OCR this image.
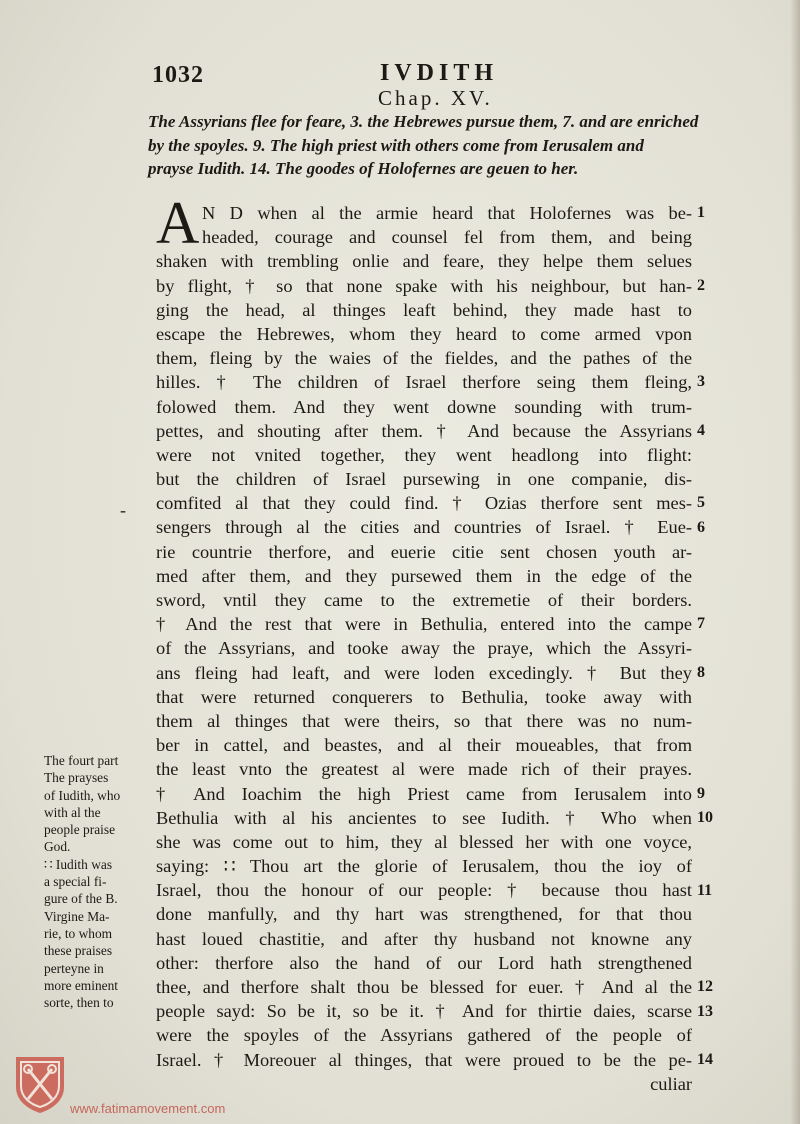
1032	IVDITH
Chap. XV.
The Assyrians flee for feare, 3. the Hebrewes pursue them, 7. and are enriched
by the spoyles. 9. The high priest with others come from Ierusalem and
prayse Iudith. 14. The goodes of Holofernes are geuen to her.
A N D when al the armie heard that Holofernes was be-
headed, courage and counsel fel from them, and being
shaken with trembling onlie and feare, they helpe them selues
by flight, † so that none spake with his neighbour, but han-
ging the head, al thinges leaft behind, they made hast to
escape the Hebrewes, whom they heard to come armed vpon
them, fleing by the waies of the fieldes, and the pathes of the
hilles. † The children of Israel therfore seing them fleing,
folowed them. And they went downe sounding with trum-
pettes, and shouting after them. † And because the Assyrians
were not vnited together, they went headlong into flight:
but the children of Israel pursewing in one companie, dis-
comfited al that they could find. † Ozias therfore sent mes-
sengers through al the cities and countries of Israel. † Eue-
rie countrie therfore, and euerie citie sent chosen youth ar-
med after them, and they pursewed them in the edge of the
sword, vntil they came to the extremetie of their borders.
† And the rest that were in Bethulia, entered into the campe
of the Assyrians, and tooke away the praye, which the Assyri-
ans fleing had leaft, and were loden excedingly. † But they
that were returned conquerers to Bethulia, tooke away with
them al thinges that were theirs, so that there was no num-
ber in cattel, and beastes, and al their moueables, that from
the least vnto the greatest al were made rich of their prayes.
† And Ioachim the high Priest came from Ierusalem into
Bethulia with al his ancientes to see Iudith. † Who when
she was come out to him, they al blessed her with one voyce,
saying: ∷ Thou art the glorie of Ierusalem, thou the ioy of
Israel, thou the honour of our people: † because thou hast
done manfully, and thy hart was strengthened, for that thou
hast loued chastitie, and after thy husband not knowne any
other: therfore also the hand of our Lord hath strengthened
thee, and therfore shalt thou be blessed for euer. † And al the
people sayd: So be it, so be it. † And for thirtie daies, scarse
were the spoyles of the Assyrians gathered of the people of
Israel. † Moreouer al thinges, that were proued to be the pe-
culiar
1
2
3
4
5
6
7
8
9
10
11
12
13
14
The fourt part
The prayses
of Iudith, who
with al the
people praise
God.
∷ Iudith was
a special fi-
gure of the B.
Virgine Ma-
rie, to whom
these praises
perteyne in
more eminent
sorte, then to
-
www.fatimamovement.com
